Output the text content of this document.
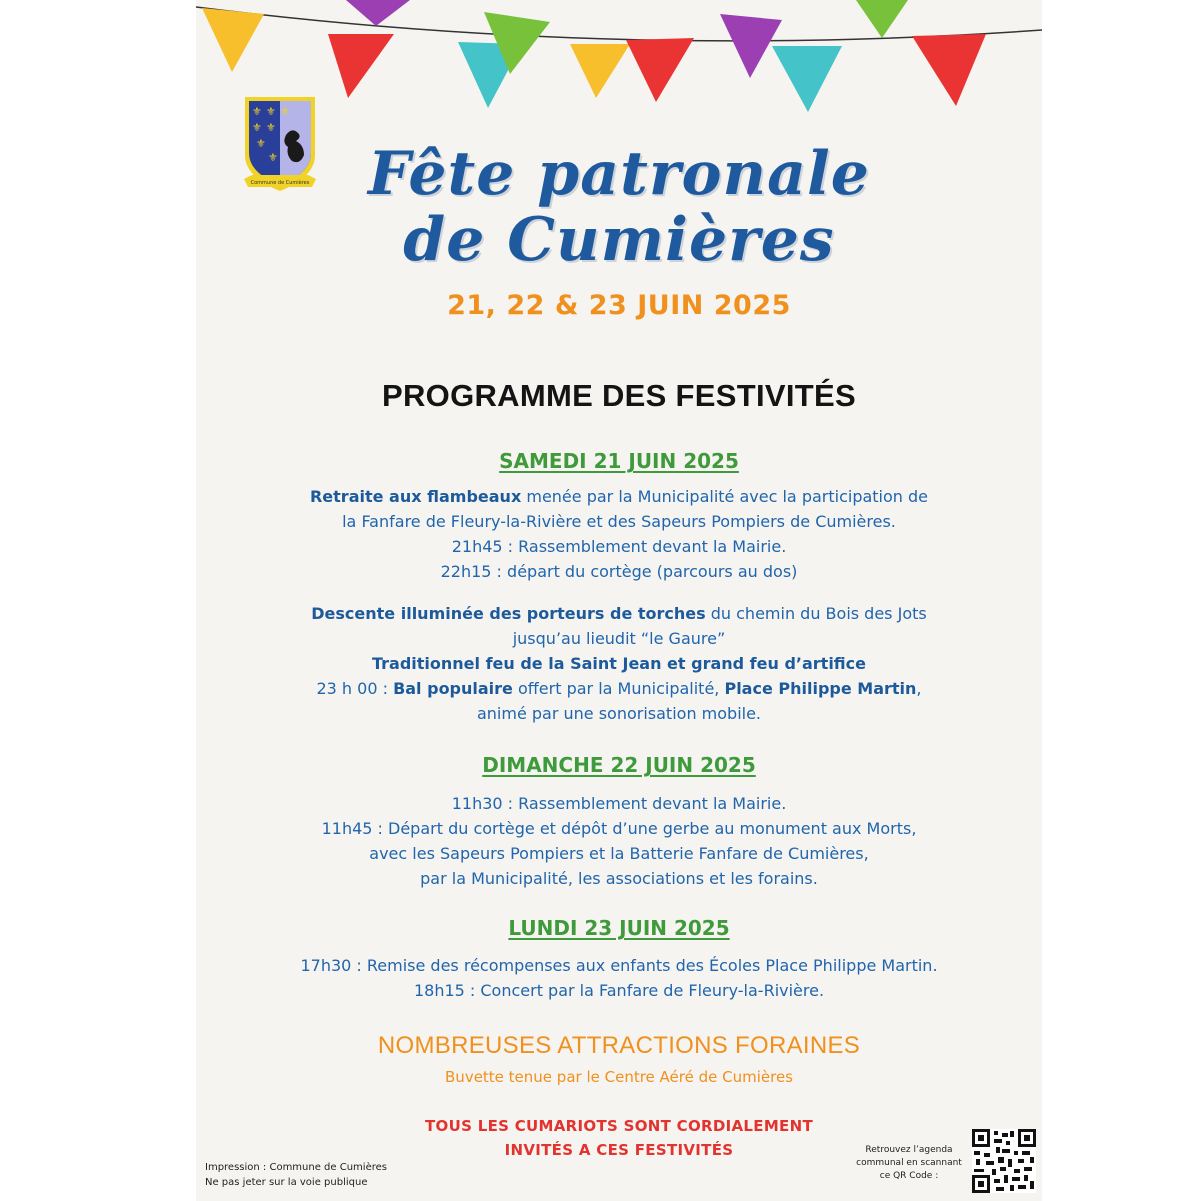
⚜ ⚜ ⚜
⚜ ⚜
⚜
⚜
Commune de Cumières Fête patronale
de Cumières
21, 22 & 23 JUIN 2025
PROGRAMME DES FESTIVITÉS
SAMEDI 21 JUIN 2025
Retraite aux flambeaux menée par la Municipalité avec la participation de
la Fanfare de Fleury-la-Rivière et des Sapeurs Pompiers de Cumières.
21h45 : Rassemblement devant la Mairie.
22h15 : départ du cortège (parcours au dos)
Descente illuminée des porteurs de torches du chemin du Bois des Jots
jusqu’au lieudit “le Gaure”
Traditionnel feu de la Saint Jean et grand feu d’artifice
23 h 00 : Bal populaire offert par la Municipalité, Place Philippe Martin,
animé par une sonorisation mobile.
DIMANCHE 22 JUIN 2025
11h30 : Rassemblement devant la Mairie.
11h45 : Départ du cortège et dépôt d’une gerbe au monument aux Morts,
avec les Sapeurs Pompiers et la Batterie Fanfare de Cumières,
par la Municipalité, les associations et les forains.
LUNDI 23 JUIN 2025
17h30 : Remise des récompenses aux enfants des Écoles Place Philippe Martin.
18h15 : Concert par la Fanfare de Fleury-la-Rivière.
NOMBREUSES ATTRACTIONS FORAINES
Buvette tenue par le Centre Aéré de Cumières
TOUS LES CUMARIOTS SONT CORDIALEMENT
INVITÉS A CES FESTIVITÉS
Impression : Commune de Cumières
Ne pas jeter sur la voie publique
Retrouvez l’agenda
communal en scannant
ce QR Code :
